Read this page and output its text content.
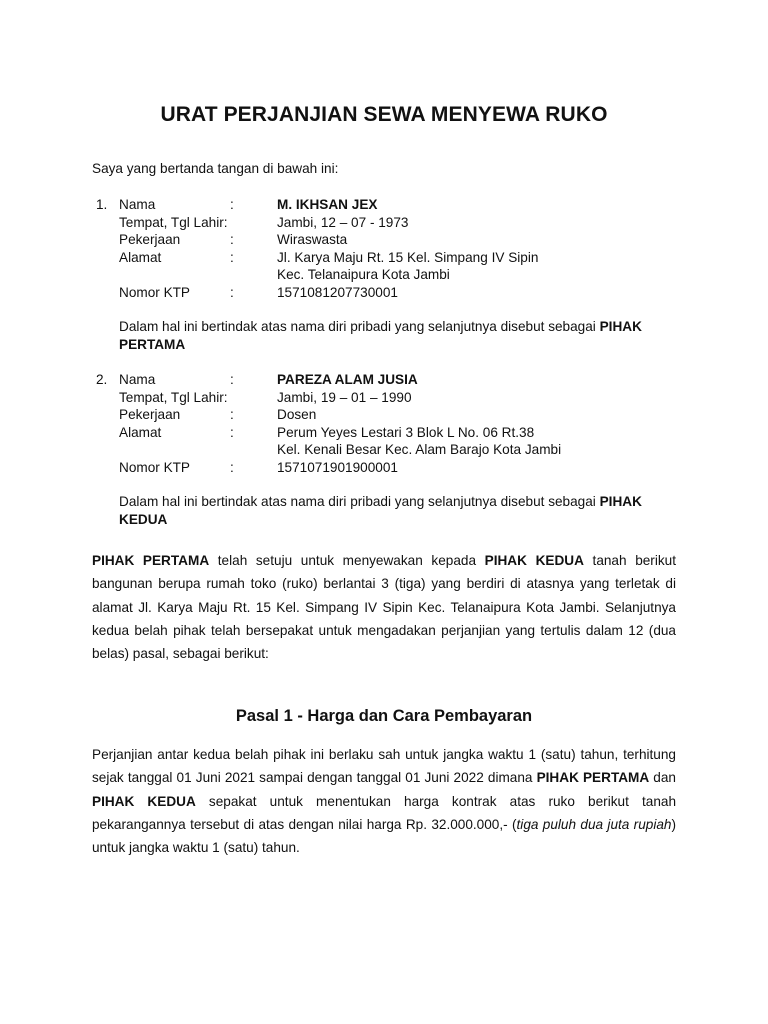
URAT PERJANJIAN SEWA MENYEWA RUKO

Saya yang bertanda tangan di bawah ini:

1. Nama	:	M. IKHSAN JEX
Tempat, Tgl Lahir:	Jambi, 12 – 07 - 1973
Pekerjaan	:	Wiraswasta
Alamat	:	Jl. Karya Maju Rt. 15 Kel. Simpang IV Sipin
Kec. Telanaipura Kota Jambi
Nomor KTP	:	1571081207730001

Dalam hal ini bertindak atas nama diri pribadi yang selanjutnya disebut sebagai PIHAK PERTAMA

2. Nama	:	PAREZA ALAM JUSIA
Tempat, Tgl Lahir:	Jambi, 19 – 01 – 1990
Pekerjaan	:	Dosen
Alamat	:	Perum Yeyes Lestari 3 Blok L No. 06 Rt.38
Kel. Kenali Besar Kec. Alam Barajo Kota Jambi
Nomor KTP	:	1571071901900001

Dalam hal ini bertindak atas nama diri pribadi yang selanjutnya disebut sebagai PIHAK KEDUA

PIHAK PERTAMA telah setuju untuk menyewakan kepada PIHAK KEDUA tanah berikut bangunan berupa rumah toko (ruko) berlantai 3 (tiga) yang berdiri di atasnya yang terletak di alamat Jl. Karya Maju Rt. 15 Kel. Simpang IV Sipin Kec. Telanaipura Kota Jambi. Selanjutnya kedua belah pihak telah bersepakat untuk mengadakan perjanjian yang tertulis dalam 12 (dua belas) pasal, sebagai berikut:

Pasal 1 - Harga dan Cara Pembayaran

Perjanjian antar kedua belah pihak ini berlaku sah untuk jangka waktu 1 (satu) tahun, terhitung sejak tanggal 01 Juni 2021 sampai dengan tanggal 01 Juni 2022 dimana PIHAK PERTAMA dan PIHAK KEDUA sepakat untuk menentukan harga kontrak atas ruko berikut tanah pekarangannya tersebut di atas dengan nilai harga Rp. 32.000.000,- (tiga puluh dua juta rupiah) untuk jangka waktu 1 (satu) tahun.
